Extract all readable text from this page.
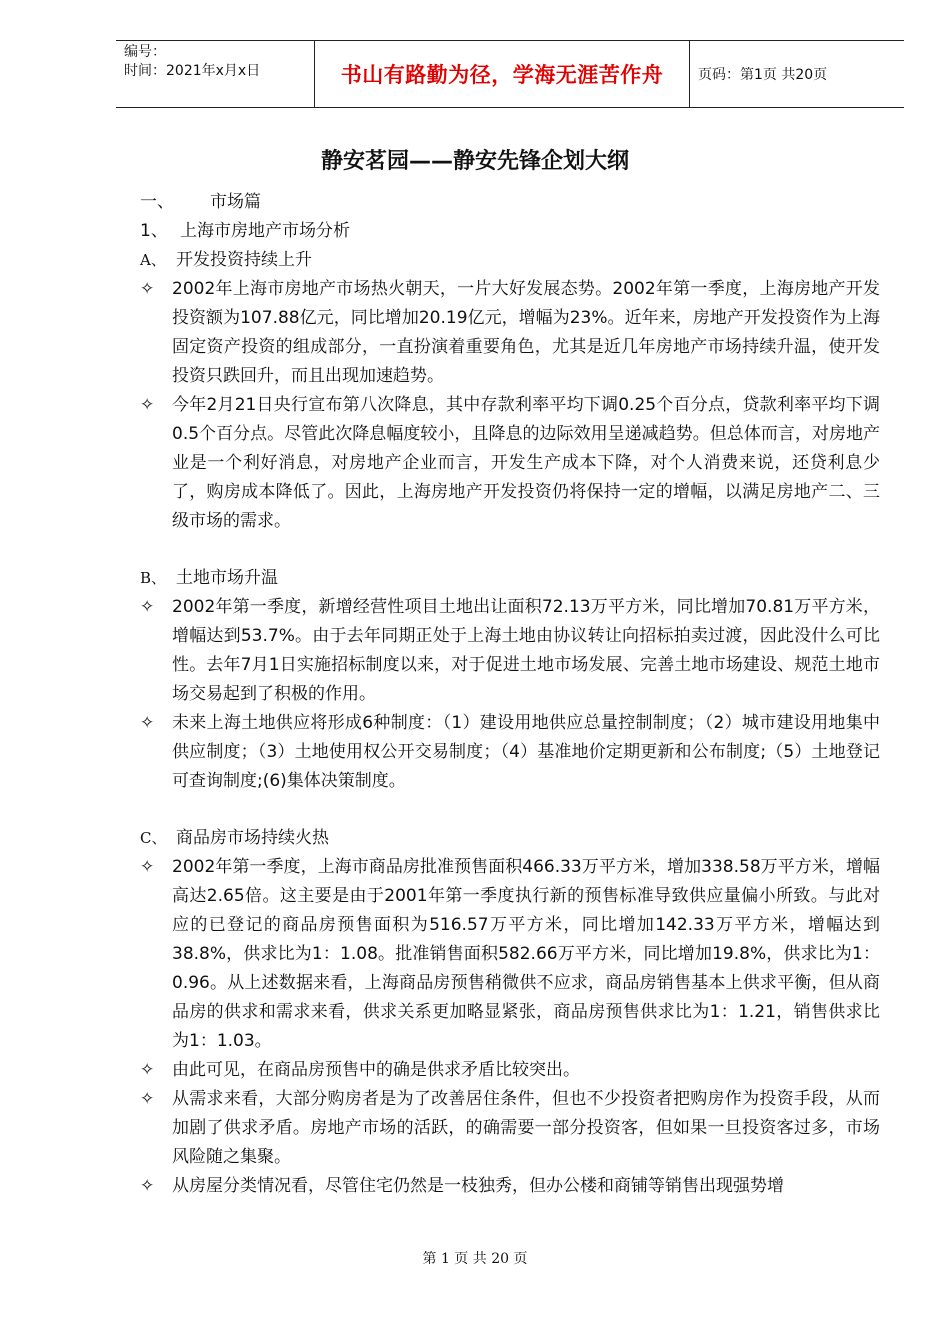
编号：
时间：2021年x月x日	书山有路勤为径，学海无涯苦作舟	页码：第1页 共20页
静安茗园——静安先锋企划大纲
一、 市场篇
1、 上海市房地产市场分析
A、 开发投资持续上升
✧	2002年上海市房地产市场热火朝天，一片大好发展态势。2002年第一季度，上海房地产开发投资额为107.88亿元，同比增加20.19亿元，增幅为23%。近年来，房地产开发投资作为上海固定资产投资的组成部分，一直扮演着重要角色，尤其是近几年房地产市场持续升温，使开发投资只跌回升，而且出现加速趋势。
✧	今年2月21日央行宣布第八次降息，其中存款利率平均下调0.25个百分点，贷款利率平均下调0.5个百分点。尽管此次降息幅度较小，且降息的边际效用呈递减趋势。但总体而言，对房地产业是一个利好消息，对房地产企业而言，开发生产成本下降，对个人消费来说，还贷利息少了，购房成本降低了。因此，上海房地产开发投资仍将保持一定的增幅，以满足房地产二、三级市场的需求。
B、 土地市场升温
✧	2002年第一季度，新增经营性项目土地出让面积72.13万平方米，同比增加70.81万平方米，增幅达到53.7%。由于去年同期正处于上海土地由协议转让向招标拍卖过渡，因此没什么可比性。去年7月1日实施招标制度以来，对于促进土地市场发展、完善土地市场建设、规范土地市场交易起到了积极的作用。
✧	未来上海土地供应将形成6种制度：（1）建设用地供应总量控制制度；（2）城市建设用地集中供应制度；（3）土地使用权公开交易制度；（4）基准地价定期更新和公布制度;（5）土地登记可查询制度;(6)集体决策制度。
C、 商品房市场持续火热
✧	2002年第一季度，上海市商品房批准预售面积466.33万平方米，增加338.58万平方米，增幅高达2.65倍。这主要是由于2001年第一季度执行新的预售标准导致供应量偏小所致。与此对应的已登记的商品房预售面积为516.57万平方米，同比增加142.33万平方米，增幅达到38.8%，供求比为1：1.08。批准销售面积582.66万平方米，同比增加19.8%，供求比为1：0.96。从上述数据来看，上海商品房预售稍微供不应求，商品房销售基本上供求平衡，但从商品房的供求和需求来看，供求关系更加略显紧张，商品房预售供求比为1：1.21，销售供求比为1：1.03。
✧	由此可见，在商品房预售中的确是供求矛盾比较突出。
✧	从需求来看，大部分购房者是为了改善居住条件，但也不少投资者把购房作为投资手段，从而加剧了供求矛盾。房地产市场的活跃，的确需要一部分投资客，但如果一旦投资客过多，市场风险随之集聚。
✧	从房屋分类情况看，尽管住宅仍然是一枝独秀，但办公楼和商铺等销售出现强势增
第 1 页 共 20 页
